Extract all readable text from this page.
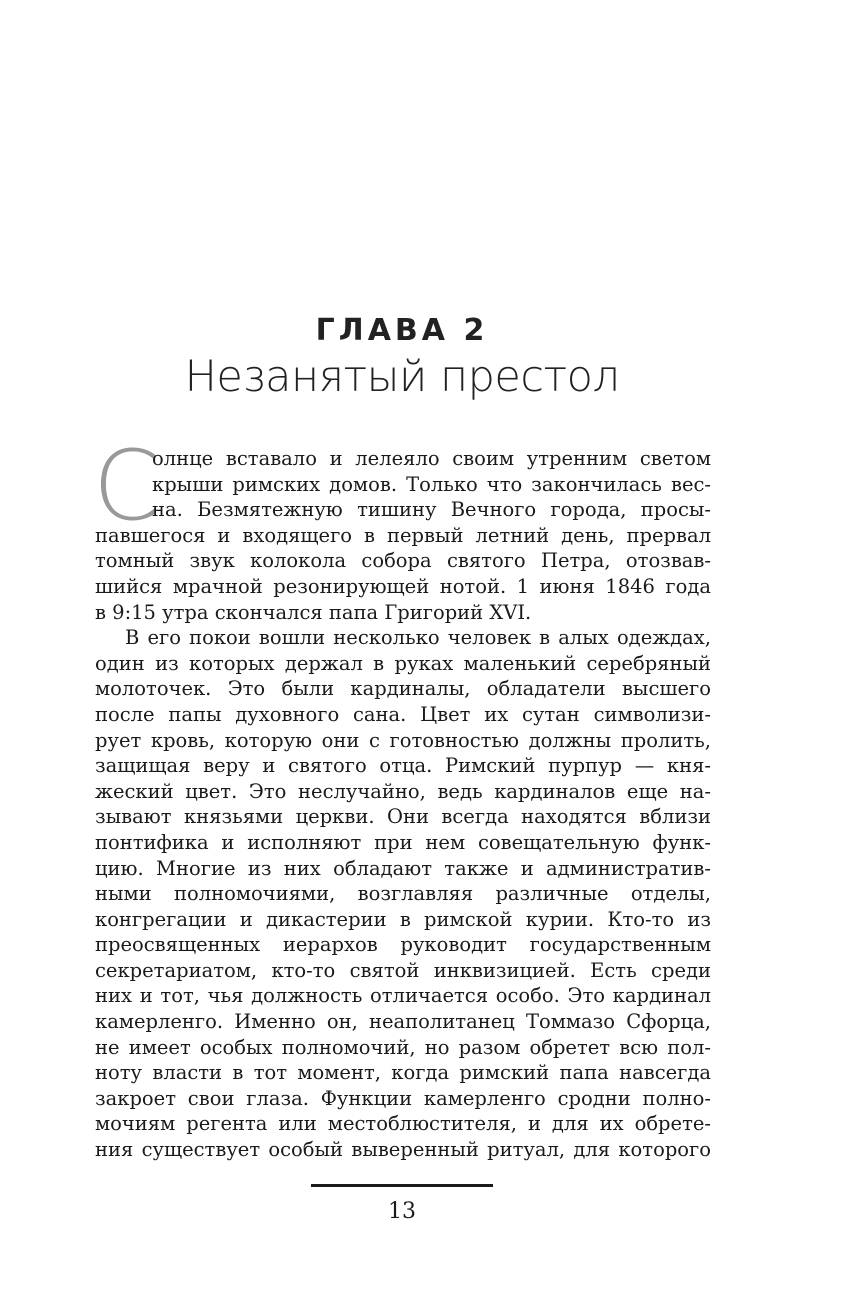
ГЛАВА 2
Незанятый престол
С
олнце вставало и лелеяло своим утренним светом
крыши римских домов. Только что закончилась вес-
на. Безмятежную тишину Вечного города, просы-
павшегося и входящего в первый летний день, прервал
томный звук колокола собора святого Петра, отозвав-
шийся мрачной резонирующей нотой. 1 июня 1846 года
в 9:15 утра скончался папа Григорий XVI.
В его покои вошли несколько человек в алых одеждах,
один из которых держал в руках маленький серебряный
молоточек. Это были кардиналы, обладатели высшего
после папы духовного сана. Цвет их сутан символизи-
рует кровь, которую они с готовностью должны пролить,
защищая веру и святого отца. Римский пурпур — кня-
жеский цвет. Это неслучайно, ведь кардиналов еще на-
зывают князьями церкви. Они всегда находятся вблизи
понтифика и исполняют при нем совещательную функ-
цию. Многие из них обладают также и административ-
ными полномочиями, возглавляя различные отделы,
конгрегации и дикастерии в римской курии. Кто-то из
преосвященных иерархов руководит государственным
секретариатом, кто-то святой инквизицией. Есть среди
них и тот, чья должность отличается особо. Это кардинал
камерленго. Именно он, неаполитанец Томмазо Сфорца,
не имеет особых полномочий, но разом обретет всю пол-
ноту власти в тот момент, когда римский папа навсегда
закроет свои глаза. Функции камерленго сродни полно-
мочиям регента или местоблюстителя, и для их обрете-
ния существует особый выверенный ритуал, для которого
13
